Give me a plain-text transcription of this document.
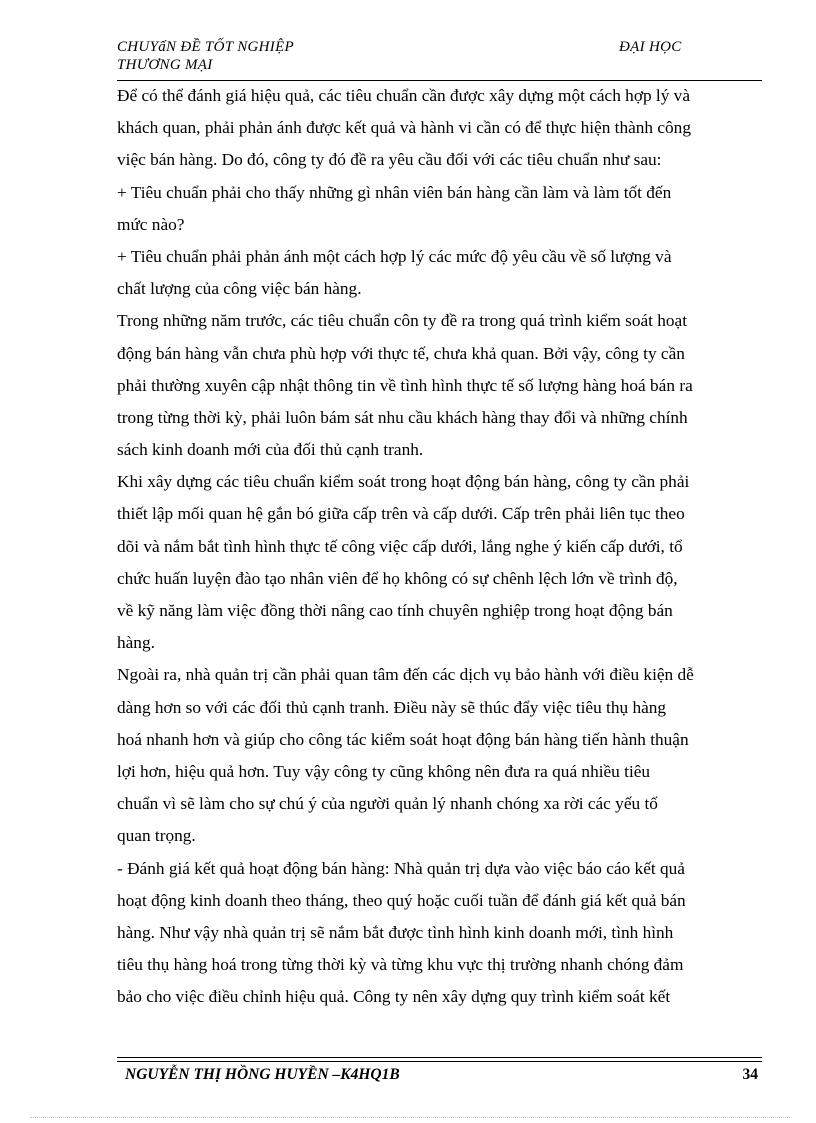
CHUYấN ĐỀ TỐT NGHIỆP
THƯƠNG MẠI
ĐẠI HỌC
Để có thể đánh giá hiệu quả, các tiêu chuẩn cần được xây dựng một cách hợp lý và
khách quan, phải phản ánh được kết quả và hành vi cần có để thực hiện thành công
việc bán hàng. Do đó, công ty đó đề ra yêu cầu đối với các tiêu chuẩn như sau:
+ Tiêu chuẩn phải cho thấy những gì nhân viên bán hàng cần làm và làm tốt đến
mức nào?
+ Tiêu chuẩn phải phản ánh một cách hợp lý các mức độ yêu cầu về số lượng và
chất lượng của công việc bán hàng.
Trong những năm trước, các tiêu chuẩn côn ty đề ra trong quá trình kiểm soát hoạt
động bán hàng vẫn chưa phù hợp với thực tế, chưa khả quan. Bởi vậy, công ty cần
phải thường xuyên cập nhật thông tin về tình hình thực tế số lượng hàng hoá bán ra
trong từng thời kỳ, phải luôn bám sát nhu cầu khách hàng thay đổi và những chính
sách kinh doanh mới của đối thủ cạnh tranh.
Khi xây dựng các tiêu chuẩn kiểm soát trong hoạt động bán hàng, công ty cần phải
thiết lập mối quan hệ gắn bó giữa cấp trên và cấp dưới. Cấp trên phải liên tục theo
dõi và nắm bắt tình hình thực tế công việc cấp dưới, lắng nghe ý kiến cấp dưới, tổ
chức huấn luyện đào tạo nhân viên để họ không có sự chênh lệch lớn về trình độ,
về kỹ năng làm việc đồng thời nâng cao tính chuyên nghiệp trong hoạt động bán
hàng.
Ngoài ra, nhà quản trị cần phải quan tâm đến các dịch vụ bảo hành với điều kiện dễ
dàng hơn so với các đối thủ cạnh tranh. Điều này sẽ thúc đẩy việc tiêu thụ hàng
hoá nhanh hơn và giúp cho công tác kiểm soát hoạt động bán hàng tiến hành thuận
lợi hơn, hiệu quả hơn. Tuy vậy công ty cũng không nên đưa ra quá nhiều tiêu
chuẩn vì sẽ làm cho sự chú ý của người quản lý nhanh chóng xa rời các yếu tố
quan trọng.
- Đánh giá kết quả hoạt động bán hàng: Nhà quản trị dựa vào việc báo cáo kết quả
hoạt động kinh doanh theo tháng, theo quý hoặc cuối tuần để đánh giá kết quả bán
hàng. Như vậy nhà quản trị sẽ nắm bắt được tình hình kinh doanh mới, tình hình
tiêu thụ hàng hoá trong từng thời kỳ và từng khu vực thị trường nhanh chóng đảm
bảo cho việc điều chỉnh hiệu quả. Công ty nên xây dựng quy trình kiểm soát kết
NGUYỄN THỊ HỒNG HUYỀN –K4HQ1B	34
